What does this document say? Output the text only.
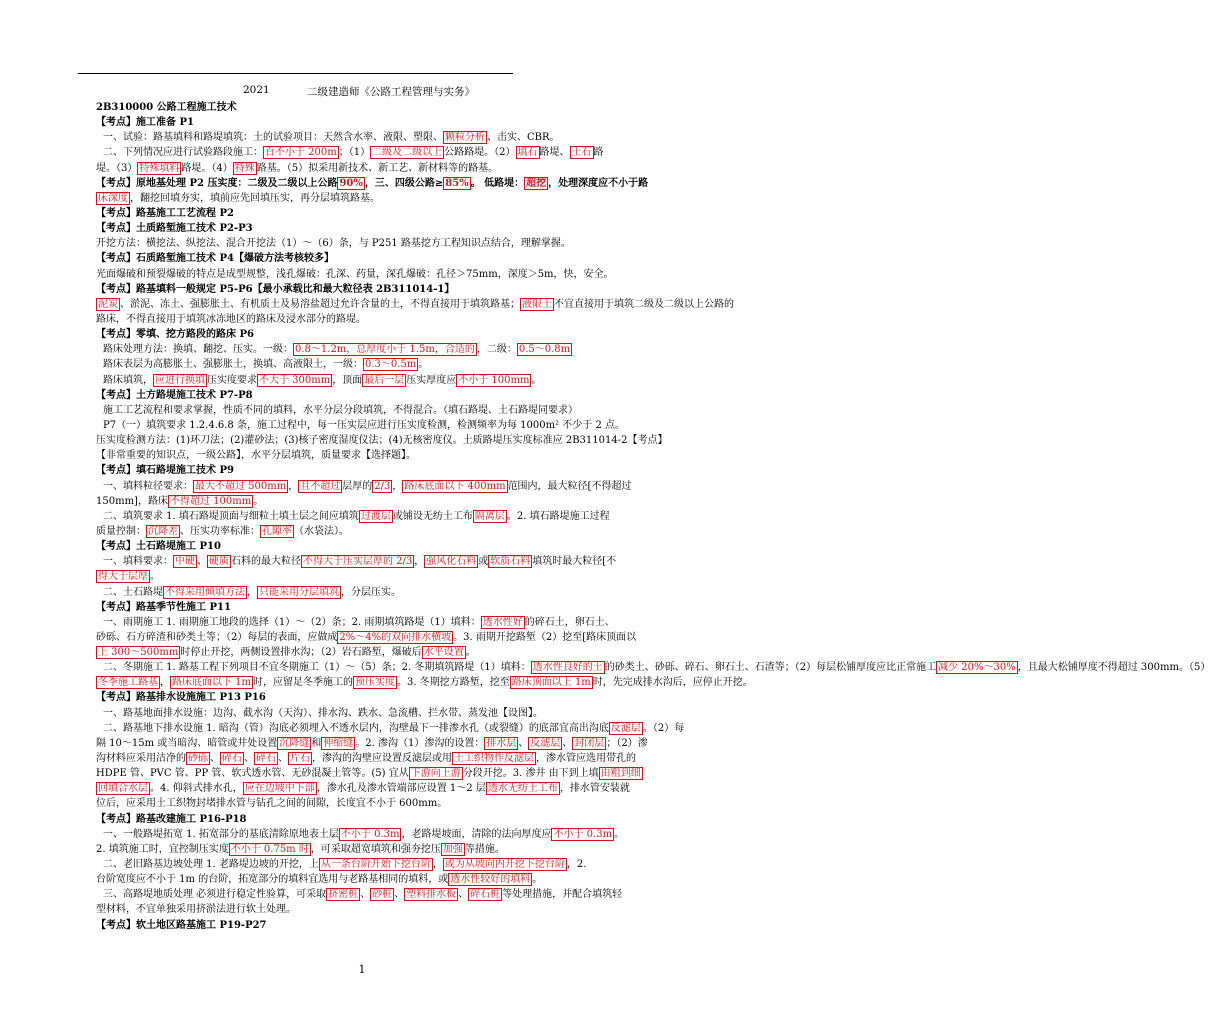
2021	二级建造师《公路工程管理与实务》
2B310000 公路工程施工技术
【考点】施工准备 P1
一、试验：路基填料和路堤填筑：土的试验项目：天然含水率、液限、塑限、 颗粒分析 、击实、CBR。
二、下列情况应进行试验路段施工： 百不小于 200m ；（1） 二级及二级以上 公路路堤。（2） 填石 路堤、 土石 路
堤。（3） 特殊填料 路堤。（4） 特殊 路基。（5）拟采用新技术、新工艺、新材料等的路基。
【考点】原地基处理 P2 压实度：二级及二级以上公路 90% ，三、四级公路≥ 85% 。 低路堤： 超挖 ，处理深度应不小于路
床深度 ，翻挖回填夯实，填前应先回填压实，再分层填筑路基。
【考点】路基施工工艺流程 P2
【考点】土质路堑施工技术 P2-P3
开挖方法：横挖法、纵挖法、混合开挖法（1）～（6）条，与 P251 路基挖方工程知识点结合，理解掌握。
【考点】石质路堑施工技术 P4【爆破方法考核较多】
光面爆破和预裂爆破的特点是成型规整，浅孔爆破：孔深、药量，深孔爆破：孔径＞75mm，深度＞5m，快，安全。
【考点】路基填料一般规定 P5-P6【最小承载比和最大粒径表 2B311014-1】
泥炭 、淤泥、冻土、强膨胀土、有机质土及易溶盐超过允许含量的土，不得直接用于填筑路基； 液限土 不宜直接用于填筑二级及二级以上公路的
路床，不得直接用于填筑冰冻地区的路床及浸水部分的路堤。
【考点】零填、挖方路段的路床 P6
路床处理方法：换填、翻挖、压实。一级： 0.8～1.2m，总厚度小于 1.5m，合适的 ，二级： 0.5～0.8m
路床表层为高膨胀土、强膨胀土，换填、高液限土，一级： 0.3～0.5m 。
路床填筑， 应进行换填 压实度要求 不大于 300mm ，顶面 最后一层 压实厚度应 不小于 100mm 。
【考点】土方路堤施工技术 P7-P8
施工工艺流程和要求掌握，性质不同的填料，水平分层分段填筑，不得混合。（填石路堤、土石路堤同要求）
P7（一）填筑要求 1.2.4.6.8 条，施工过程中，每一压实层应进行压实度检测，检测频率为每 1000m² 不少于 2 点。
压实度检测方法：(1)环刀法；(2)灌砂法；(3)核子密度湿度仪法；(4)无核密度仪。土质路堤压实度标准应 2B311014-2【考点】
【非常重要的知识点，一级公路】，水平分层填筑，质量要求【选择题】。
【考点】填石路堤施工技术 P9
一、填料粒径要求： 最大不超过 500mm ， 且不超过 层厚的 2/3 ， 路床底面以下 400mm 范围内，最大粒径[不得超过
150mm]，路床 不得超过 100mm 。
二、填筑要求 1. 填石路堤顶面与细粒土填土层之间应填筑 过渡层 或铺设无纺土工布 隔离层 。2. 填石路堤施工过程
质量控制： 沉降差 、压实功率标准： 孔隙率 （水袋法）。
【考点】土石路堤施工 P10
一、填料要求： 中硬 、 硬质 石料的最大粒径 不得大于压实层厚的 2/3 ， 强风化石料 或 软质石料 填筑时最大粒径[不
得大于层厚 。
二、土石路堤 不得采用倾填方法 ， 只能采用分层填筑 ，分层压实。
【考点】路基季节性施工 P11
一、雨期施工 1. 雨期施工地段的选择（1）～（2）条；2. 雨期填筑路堤（1）填料： 透水性好 的碎石土，卵石土、
砂砾、石方碎渣和砂类土等；（2）每层的表面，应做成 2%～4%的双向排水横坡 。3. 雨期开挖路堑（2）挖至[路床顶面以
上 300～500mm 时停止开挖，两侧设置排水沟；（2）岩石路堑，爆破后 水平设置 。
二、冬期施工 1. 路基工程下列项目不宜冬期施工（1）～（5）条；2. 冬期填筑路堤（1）填料： 透水性良好的土 的砂类土、砂砾、碎石、卵石土、石渣等；（2）每层松铺厚度应比正常施工 减少 20%～30% ，且最大松铺厚度不得超过 300mm。（5）
冬季施工路基 ， 路床底面以下 1m 时，应留足冬季施工的 预压实度 。3. 冬期挖方路堑，挖至 路床顶面以上 1m 时，先完成排水沟后，应停止开挖。
【考点】路基排水设施施工 P13 P16
一、路基地面排水设施：边沟、截水沟（天沟）、排水沟、跌水、急流槽、拦水带、蒸发池【设图】。
二、路基地下排水设施 1. 暗沟（管）沟底必须埋入不透水层内，沟壁最下一排渗水孔（或裂缝）的底部宜高出沟底 反滤层 。（2）每
隔 10～15m 或当暗沟、暗管或井处设置 沉降缝 和 伸缩缝 。2. 渗沟（1）渗沟的设置： 排水层 、 反滤层 、 封闭层 ；（2）渗
沟材料应采用洁净的 砂砾 、 碎石 、 碎石 、 片石 ，渗沟的沟壁应设置反滤层或用 土工织物作反滤层 ，渗水管应选用带孔的
HDPE 管、PVC 管、PP 管、软式透水管、无砂混凝土管等。(5) 宜从 下游向上游 分段开挖。3. 渗井 由下到上填 由粗到细
回填合水层 。4. 仰斜式排水孔， 应在边坡中下部 ，渗水孔及渗水管端部应设置 1～2 层 透水无纺土工布 ，排水管安装就
位后，应采用土工织物封堵排水管与钻孔之间的间隙，长度宜不小于 600mm。
【考点】路基改建施工 P16-P18
一、一般路堤拓宽 1. 拓宽部分的基底清除原地表土层 不小于 0.3m ，老路堤坡面，清除的法向厚度应 不小于 0.3m 。
2. 填筑施工时，宜控制压实度 不小于 0.75m 时 ，可采取超宽填筑和强夯挖压 加强 等措施。
二、老旧路基边坡处理 1. 老路堤边坡的开挖，上 从一条台阶开始下挖台阶 ， 或为从坡向内开挖下挖台阶 ，2.
台阶宽度应不小于 1m 的台阶，拓宽部分的填料宜选用与老路基相同的填料，或 透水性较好的填料 。
三、高路堤地质处理 必须进行稳定性验算，可采取 挤密桩 、 砂桩 、 塑料排水板 、 碎石桩 等处理措施，并配合填筑轻
型材料，不宜单独采用挤淤法进行软土处理。
【考点】软土地区路基施工 P19-P27
1
